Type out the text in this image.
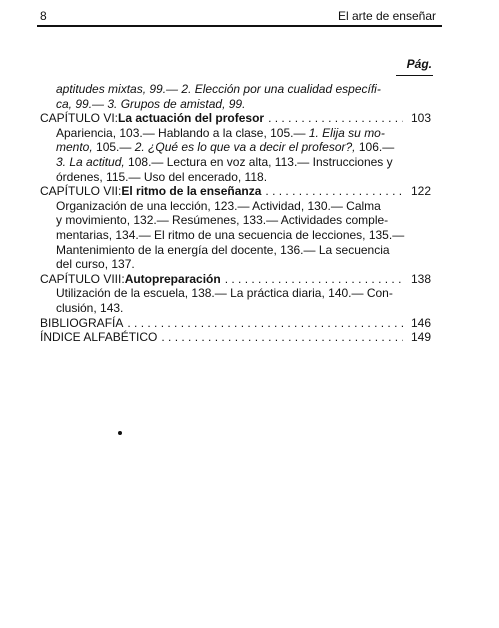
8	El arte de enseñar
Pág.
aptitudes mixtas, 99.— 2. Elección por una cualidad específi-
ca, 99.— 3. Grupos de amistad, 99.
CAPÍTULO VI: La actuación del profesor . . .	103
Apariencia, 103.— Hablando a la clase, 105.— 1. Elija su mo-
mento, 105.— 2. ¿Qué es lo que va a decir el profesor?, 106.—
3. La actitud, 108.— Lectura en voz alta, 113.— Instrucciones y
órdenes, 115.— Uso del encerado, 118.
CAPÍTULO VII: El ritmo de la enseñanza . . .	122
Organización de una lección, 123.— Actividad, 130.— Calma
y movimiento, 132.— Resúmenes, 133.— Actividades comple-
mentarias, 134.— El ritmo de una secuencia de lecciones, 135.—
Mantenimiento de la energía del docente, 136.— La secuencia
del curso, 137.
CAPÍTULO VIII: Autopreparación . . .	138
Utilización de la escuela, 138.— La práctica diaria, 140.— Con-
clusión, 143.
BIBLIOGRAFÍA . . .	146
ÍNDICE ALFABÉTICO . . .	149
